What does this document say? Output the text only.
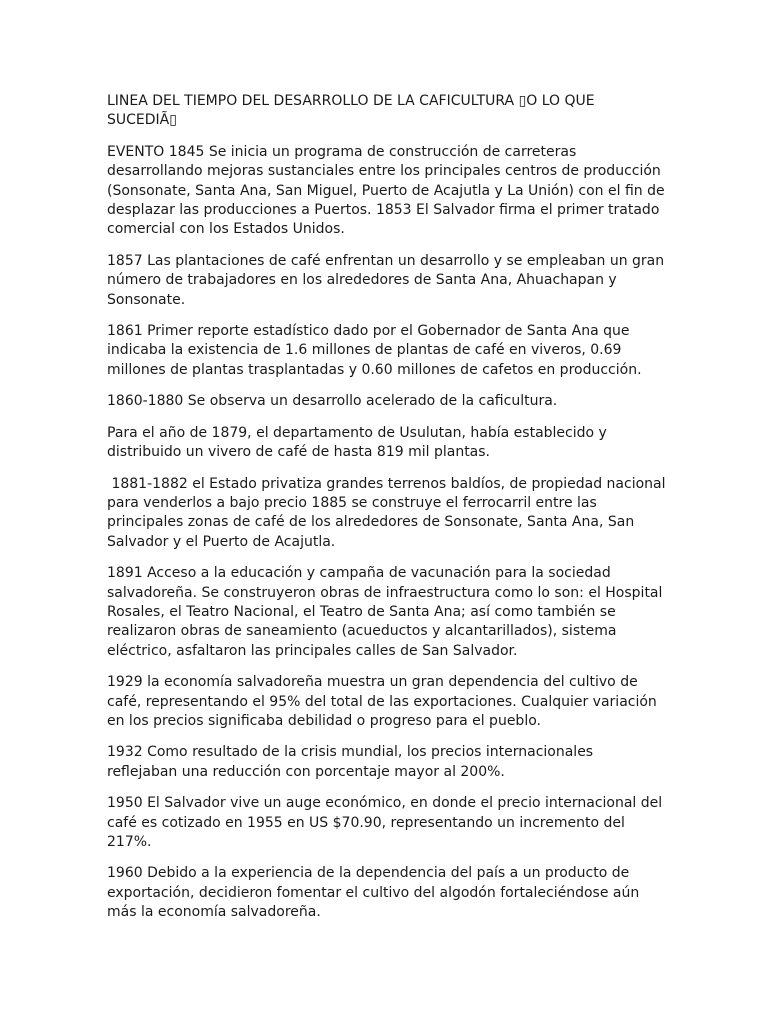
LINEA DEL TIEMPO DEL DESARROLLO DE LA CAFICULTURA ▯O LO QUE SUCEDIÃ▯

EVENTO 1845 Se inicia un programa de construcción de carreteras desarrollando mejoras sustanciales entre los principales centros de producción (Sonsonate, Santa Ana, San Miguel, Puerto de Acajutla y La Unión) con el fin de desplazar las producciones a Puertos. 1853 El Salvador firma el primer tratado comercial con los Estados Unidos.

1857 Las plantaciones de café enfrentan un desarrollo y se empleaban un gran número de trabajadores en los alrededores de Santa Ana, Ahuachapan y Sonsonate.

1861 Primer reporte estadístico dado por el Gobernador de Santa Ana que indicaba la existencia de 1.6 millones de plantas de café en viveros, 0.69 millones de plantas trasplantadas y 0.60 millones de cafetos en producción.

1860-1880 Se observa un desarrollo acelerado de la caficultura.

Para el año de 1879, el departamento de Usulutan, había establecido y distribuido un vivero de café de hasta 819 mil plantas.

1881-1882 el Estado privatiza grandes terrenos baldíos, de propiedad nacional para venderlos a bajo precio 1885 se construye el ferrocarril entre las principales zonas de café de los alrededores de Sonsonate, Santa Ana, San Salvador y el Puerto de Acajutla.

1891 Acceso a la educación y campaña de vacunación para la sociedad salvadoreña. Se construyeron obras de infraestructura como lo son: el Hospital Rosales, el Teatro Nacional, el Teatro de Santa Ana; así como también se realizaron obras de saneamiento (acueductos y alcantarillados), sistema eléctrico, asfaltaron las principales calles de San Salvador.

1929 la economía salvadoreña muestra un gran dependencia del cultivo de café, representando el 95% del total de las exportaciones. Cualquier variación en los precios significaba debilidad o progreso para el pueblo.

1932 Como resultado de la crisis mundial, los precios internacionales reflejaban una reducción con porcentaje mayor al 200%.

1950 El Salvador vive un auge económico, en donde el precio internacional del café es cotizado en 1955 en US $70.90, representando un incremento del 217%.

1960 Debido a la experiencia de la dependencia del país a un producto de exportación, decidieron fomentar el cultivo del algodón fortaleciéndose aún más la economía salvadoreña.
